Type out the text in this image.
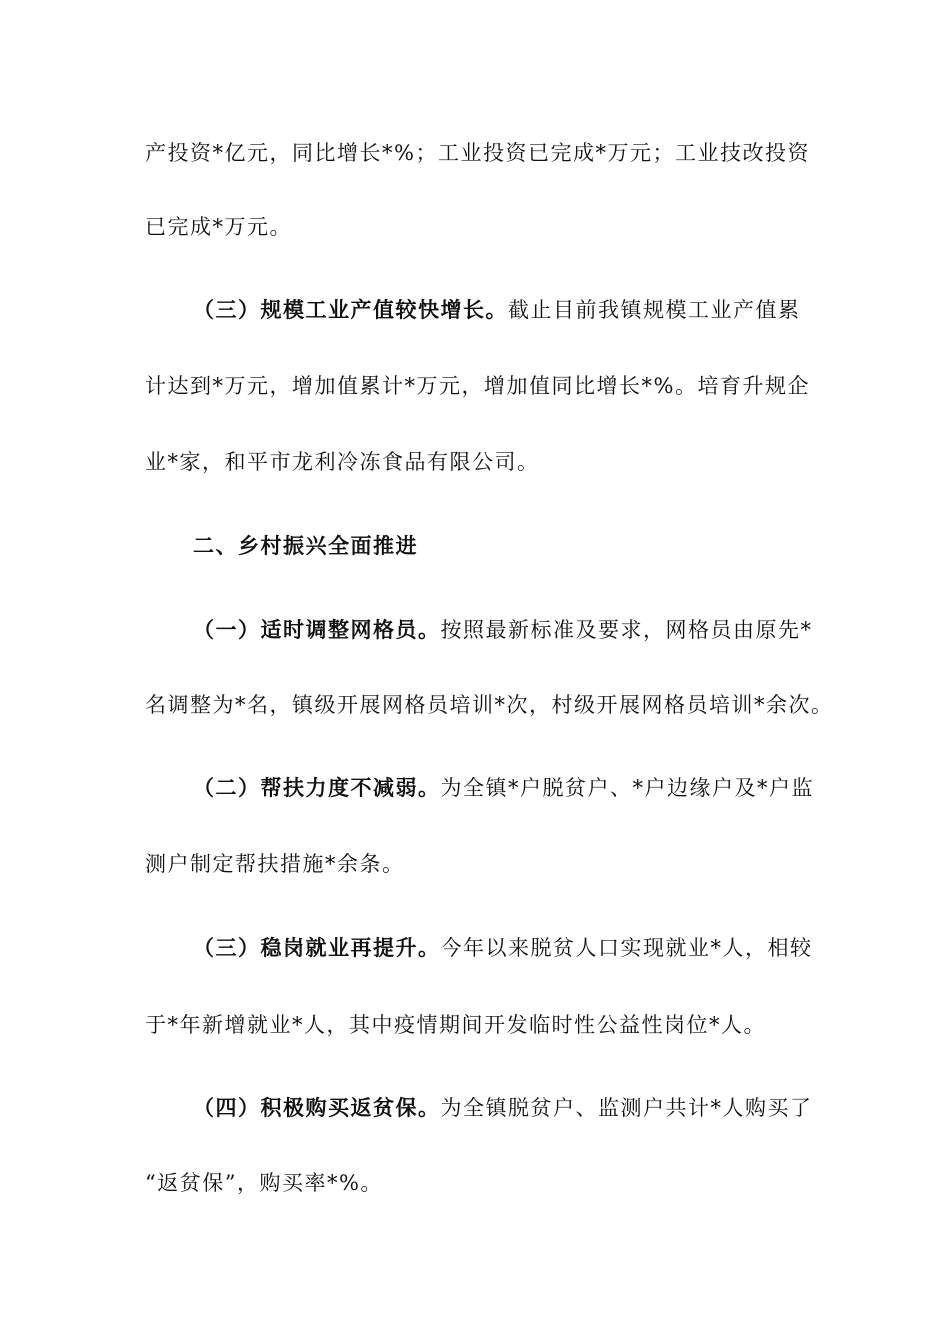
产投资*亿元，同比增长*%；工业投资已完成*万元；工业技改投资
已完成*万元。
（三）规模工业产值较快增长。截止目前我镇规模工业产值累
计达到*万元，增加值累计*万元，增加值同比增长*%。培育升规企
业*家，和平市龙利冷冻食品有限公司。
二、乡村振兴全面推进
（一）适时调整网格员。按照最新标准及要求，网格员由原先*
名调整为*名，镇级开展网格员培训*次，村级开展网格员培训*余次。
（二）帮扶力度不减弱。为全镇*户脱贫户、*户边缘户及*户监
测户制定帮扶措施*余条。
（三）稳岗就业再提升。今年以来脱贫人口实现就业*人，相较
于*年新增就业*人，其中疫情期间开发临时性公益性岗位*人。
（四）积极购买返贫保。为全镇脱贫户、监测户共计*人购买了
“返贫保”，购买率*%。
